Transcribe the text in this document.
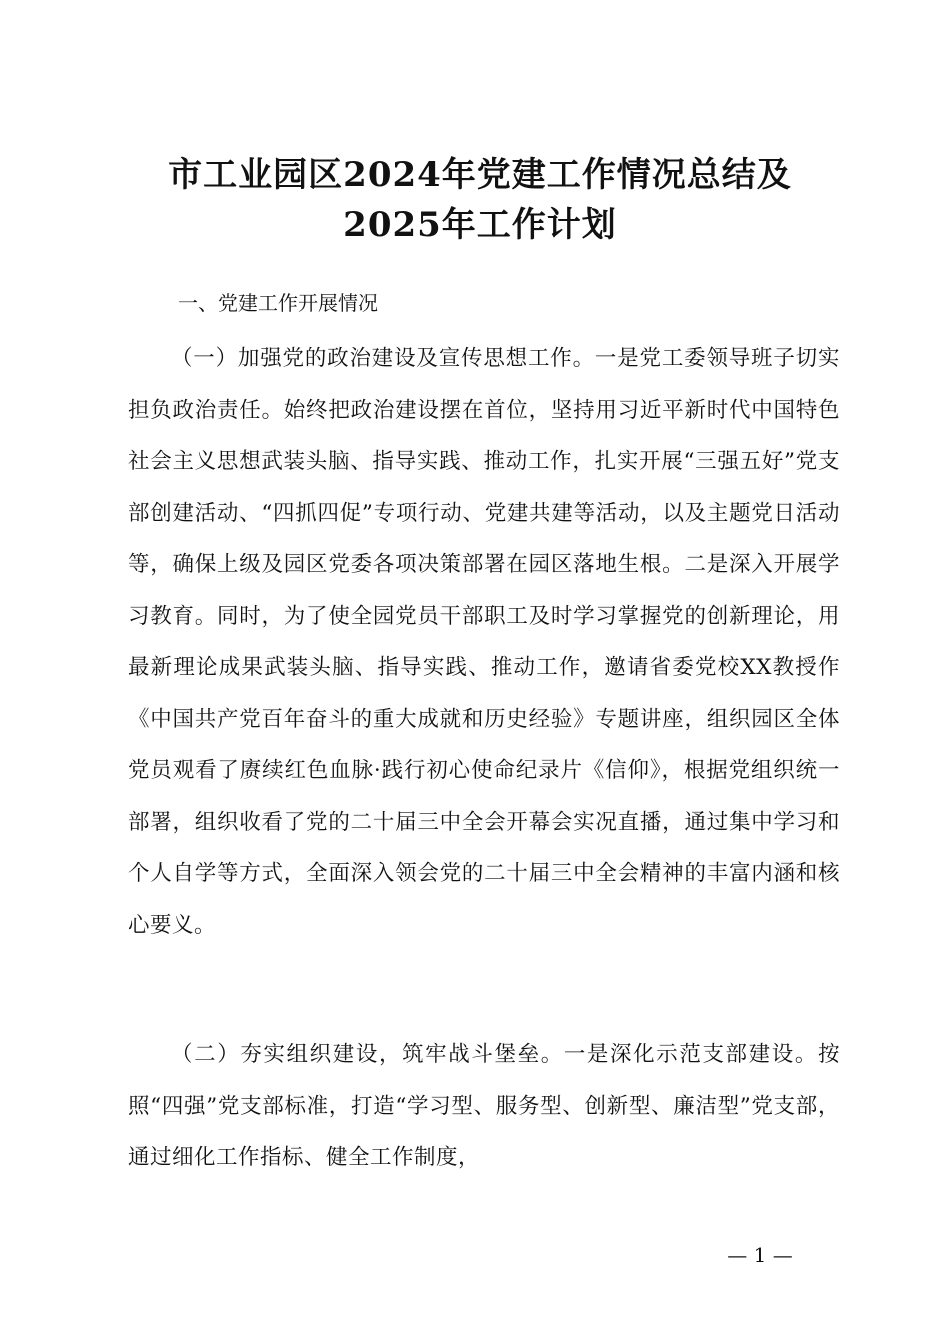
市工业园区2024年党建工作情况总结及2025年工作计划
一、党建工作开展情况

（一）加强党的政治建设及宣传思想工作。一是党工委领导班子切实担负政治责任。始终把政治建设摆在首位，坚持用习近平新时代中国特色社会主义思想武装头脑、指导实践、推动工作，扎实开展“三强五好”党支部创建活动、“四抓四促”专项行动、党建共建等活动，以及主题党日活动等，确保上级及园区党委各项决策部署在园区落地生根。二是深入开展学习教育。同时，为了使全园党员干部职工及时学习掌握党的创新理论，用最新理论成果武装头脑、指导实践、推动工作，邀请省委党校XX教授作《中国共产党百年奋斗的重大成就和历史经验》专题讲座，组织园区全体党员观看了赓续红色血脉·践行初心使命纪录片《信仰》，根据党组织统一部署，组织收看了党的二十届三中全会开幕会实况直播，通过集中学习和个人自学等方式，全面深入领会党的二十届三中全会精神的丰富内涵和核心要义。

（二）夯实组织建设，筑牢战斗堡垒。一是深化示范支部建设。按照“四强”党支部标准，打造“学习型、服务型、创新型、廉洁型”党支部，通过细化工作指标、健全工作制度，

— 1 —
